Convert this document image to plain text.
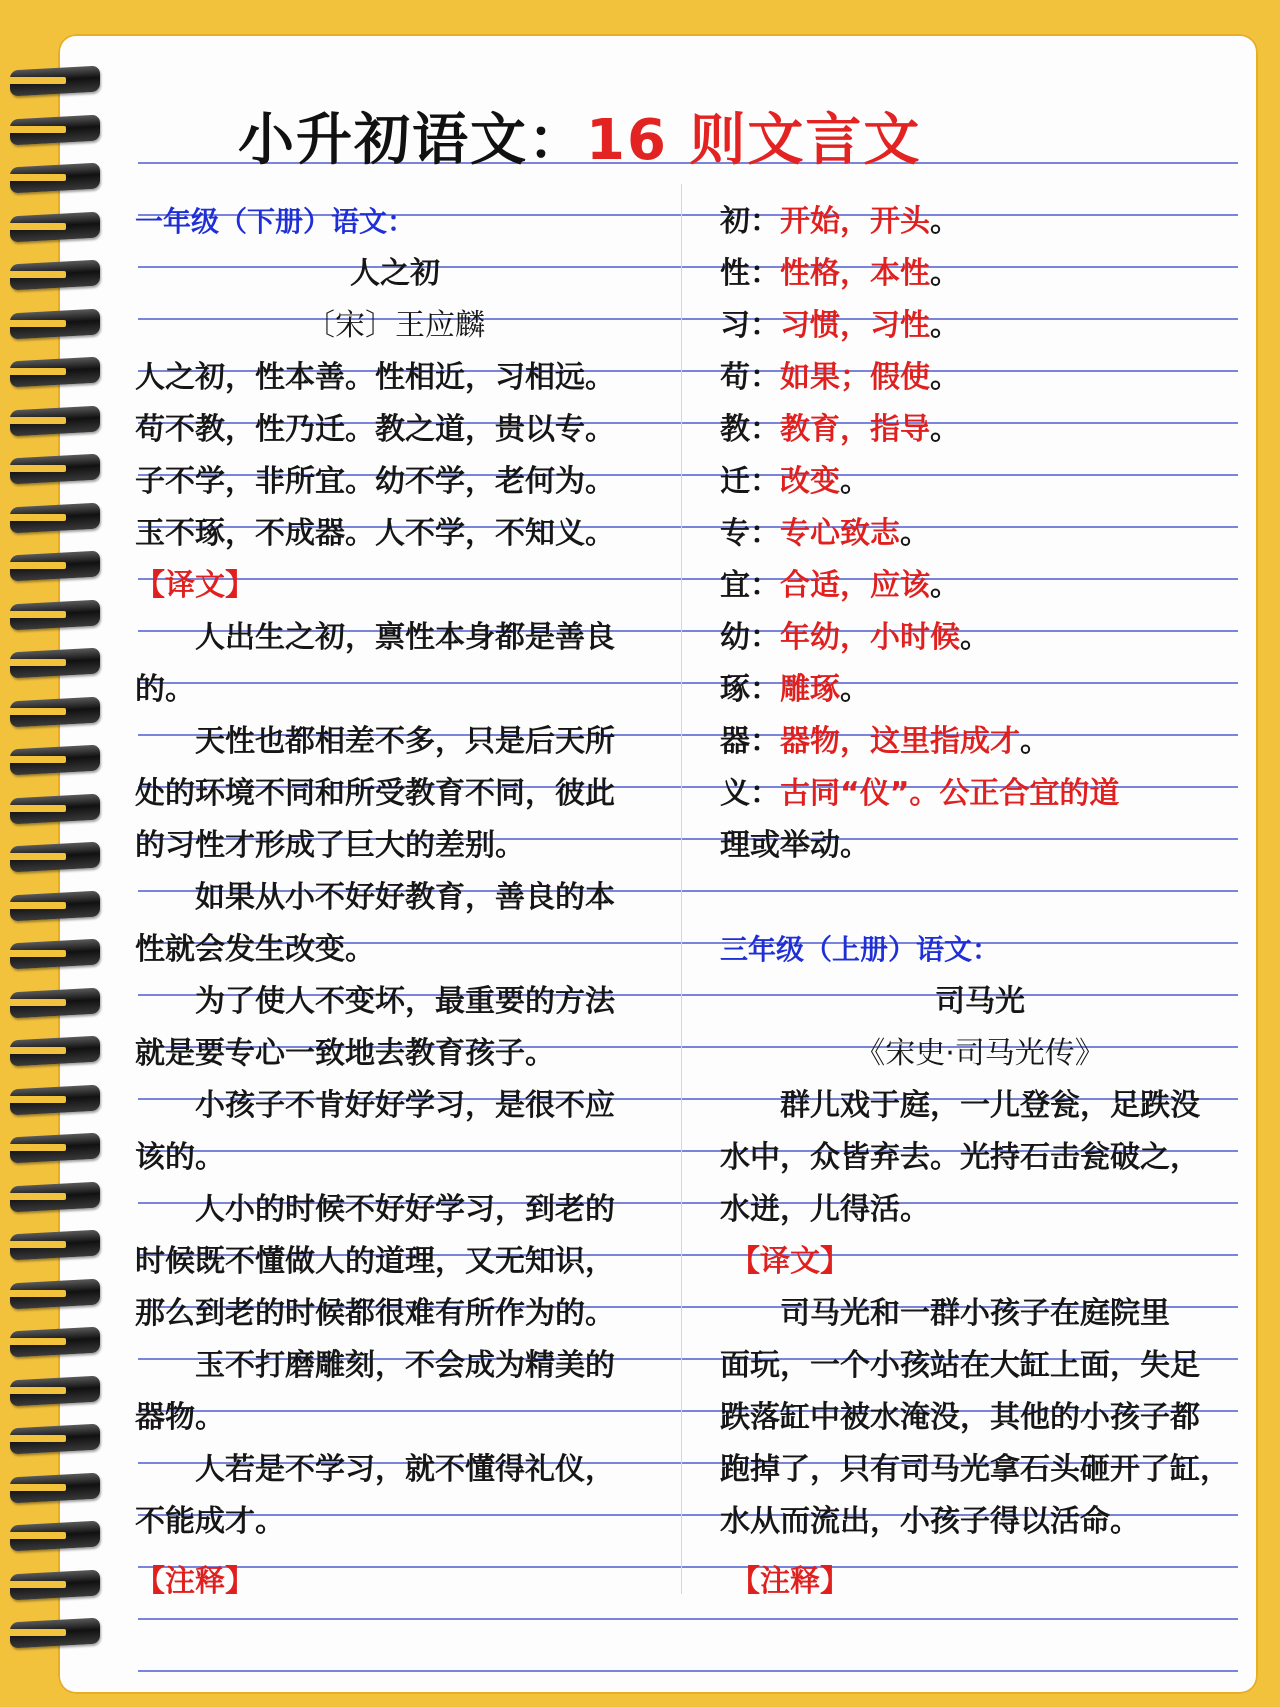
小升初语文：16 则文言文
一年级（下册）语文：
人之初
〔宋〕王应麟
人之初，性本善。性相近，习相远。
苟不教，性乃迁。教之道，贵以专。
子不学，非所宜。幼不学，老何为。
玉不琢，不成器。人不学，不知义。
【译文】
　　人出生之初，禀性本身都是善良
的。
　　天性也都相差不多，只是后天所
处的环境不同和所受教育不同，彼此
的习性才形成了巨大的差别。
　　如果从小不好好教育，善良的本
性就会发生改变。
　　为了使人不变坏，最重要的方法
就是要专心一致地去教育孩子。
　　小孩子不肯好好学习，是很不应
该的。
　　人小的时候不好好学习，到老的
时候既不懂做人的道理，又无知识，
那么到老的时候都很难有所作为的。
　　玉不打磨雕刻，不会成为精美的
器物。
　　人若是不学习，就不懂得礼仪，
不能成才。
【注释】
初：开始，开头。
性：性格，本性。
习：习惯，习性。
苟：如果；假使。
教：教育，指导。
迁：改变。
专：专心致志。
宜：合适，应该。
幼：年幼，小时候。
琢：雕琢。
器：器物，这里指成才。
义：古同“仪”。公正合宜的道
理或举动。
三年级（上册）语文：
司马光
《宋史·司马光传》
　　群儿戏于庭，一儿登瓮，足跌没
水中，众皆弃去。光持石击瓮破之，
水迸，儿得活。
【译文】
　　司马光和一群小孩子在庭院里
面玩，一个小孩站在大缸上面，失足
跌落缸中被水淹没，其他的小孩子都
跑掉了，只有司马光拿石头砸开了缸，
水从而流出，小孩子得以活命。
【注释】
